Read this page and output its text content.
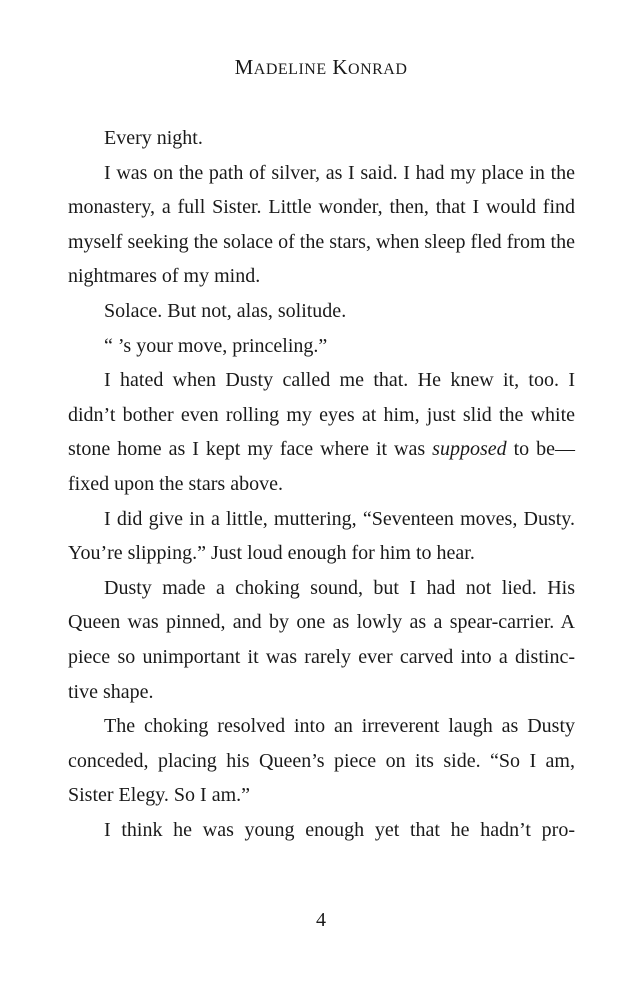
MADELINE KONRAD

Every night.

I was on the path of silver, as I said. I had my place in the monastery, a full Sister. Little wonder, then, that I would find myself seeking the solace of the stars, when sleep fled from the nightmares of my mind.

Solace. But not, alas, solitude.

“ ’s your move, princeling.”

I hated when Dusty called me that. He knew it, too. I didn’t bother even rolling my eyes at him, just slid the white stone home as I kept my face where it was supposed to be—fixed upon the stars above.

I did give in a little, muttering, “Seventeen moves, Dusty. You’re slipping.” Just loud enough for him to hear.

Dusty made a choking sound, but I had not lied. His Queen was pinned, and by one as lowly as a spear-carrier. A piece so unimportant it was rarely ever carved into a distinctive shape.

The choking resolved into an irreverent laugh as Dusty conceded, placing his Queen’s piece on its side. “So I am, Sister Elegy. So I am.”

I think he was young enough yet that he hadn’t pro-

4
